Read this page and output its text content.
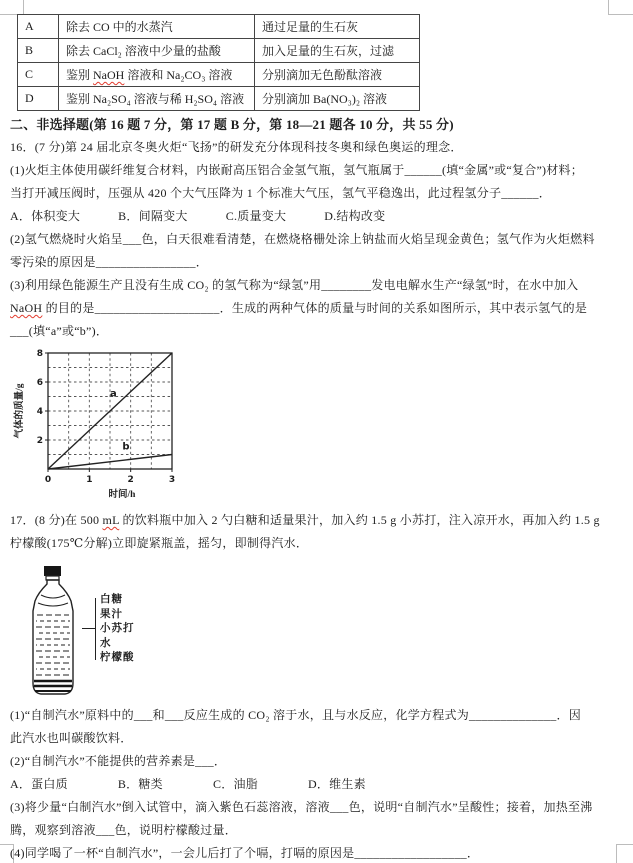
A	除去 CO 中的水蒸汽	通过足量的生石灰
B	除去 CaCl₂ 溶液中少量的盐酸	加入足量的生石灰，过滤
C	鉴别 NaOH 溶液和 Na₂CO₃ 溶液	分别滴加无色酚酞溶液
D	鉴别 Na₂SO₄ 溶液与稀 H₂SO₄ 溶液	分别滴加 Ba(NO₃)₂ 溶液
二、非选择题(第 16 题 7 分，第 17 题 B 分，第 18—21 题各 10 分，共 55 分)
16．(7 分)第 24 届北京冬奥火炬“飞扬”的研发充分体现科技冬奥和绿色奥运的理念．
(1)火炬主体使用碳纤维复合材料，内嵌耐高压铝合金氢气瓶，氢气瓶属于______(填“金属”或“复合”)材料；
当打开减压阀时，压强从 420 个大气压降为 1 个标准大气压，氢气平稳逸出，此过程氢分子______．
A．体积变大	B．间隔变大	C.质量变大	D.结构改变
(2)氢气燃烧时火焰呈___色，白天很难看清楚，在燃烧格栅处涂上钠盐而火焰呈现金黄色；氢气作为火炬燃料
零污染的原因是________________．
(3)利用绿色能源生产且没有生成 CO₂ 的氢气称为“绿氢”用________发电电解水生产“绿氢”时，在水中加入
NaOH 的目的是____________________．生成的两种气体的质量与时间的关系如图所示，其中表示氢气的是
___(填“a”或“b”)．
2
4
6
8
0	1	2	3
a
b
时间/h
气体的质量/g
17．(8 分)在 500 mL 的饮料瓶中加入 2 勺白糖和适量果汁，加入约 1.5 g 小苏打，注入凉开水，再加入约 1.5 g
柠檬酸(175℃分解)立即旋紧瓶盖，摇匀，即制得汽水．
白糖
果汁
小苏打
水
柠檬酸
(1)“自制汽水”原料中的___和___反应生成的 CO₂ 溶于水，且与水反应，化学方程式为______________．因
此汽水也叫碳酸饮料．
(2)“自制汽水”不能提供的营养素是___．
A．蛋白质	B．糖类	C．油脂	D．维生素
(3)将少量“白制汽水”倒入试管中，滴入紫色石蕊溶液，溶液___色，说明“自制汽水”呈酸性；接着，加热至沸
腾，观察到溶液___色，说明柠檬酸过量．
(4)同学喝了一杯“自制汽水”，一会儿后打了个嗝，打嗝的原因是__________________．
